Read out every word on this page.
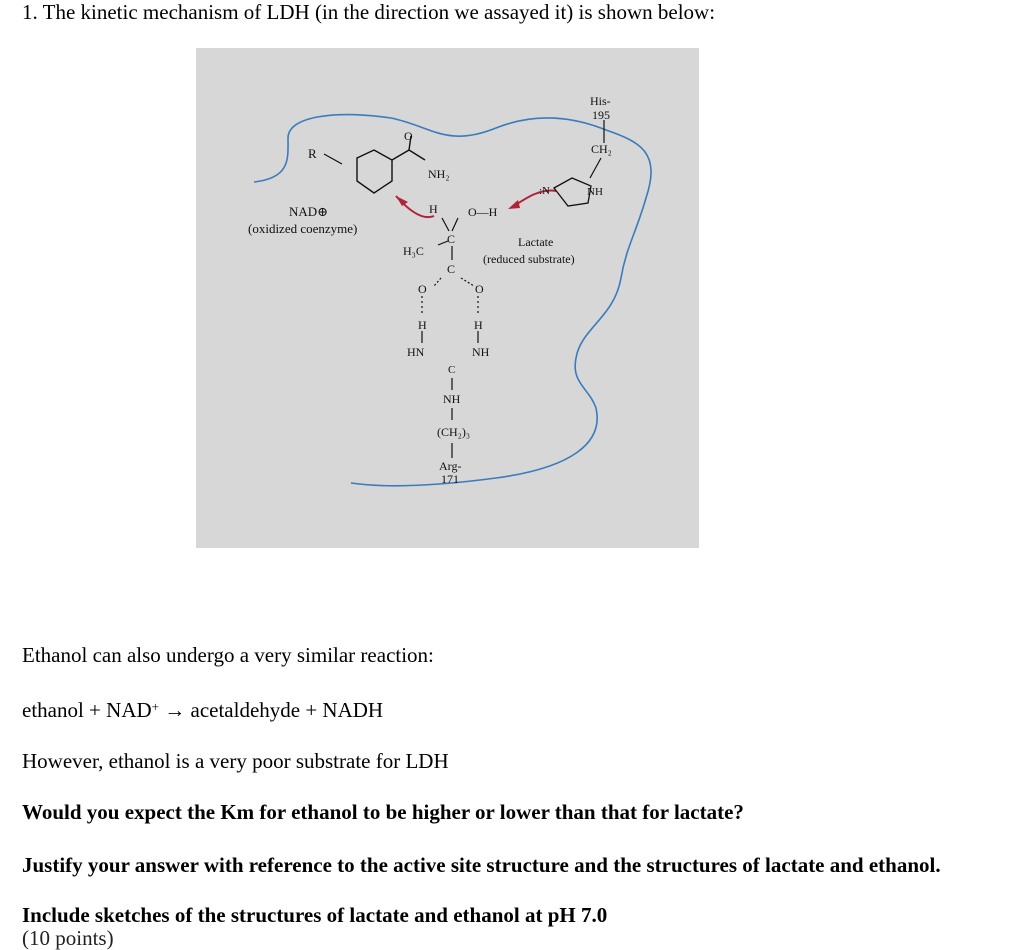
1. The kinetic mechanism of LDH (in the direction we assayed it) is shown below:
NAD⊕
(oxidized coenzyme)
R
O
NH₂
H	O—H
C
H₃C
C
O	O
Lactate
(reduced substrate)
His-
195
CH₂
:N	NH
H	H
HN	NH
C
NH
(CH₂)₃
Arg-
171
Ethanol can also undergo a very similar reaction:
ethanol + NAD+ → acetaldehyde + NADH
However, ethanol is a very poor substrate for LDH
Would you expect the Km for ethanol to be higher or lower than that for lactate?
Justify your answer with reference to the active site structure and the structures of lactate and ethanol.
Include sketches of the structures of lactate and ethanol at pH 7.0
(10 points)
